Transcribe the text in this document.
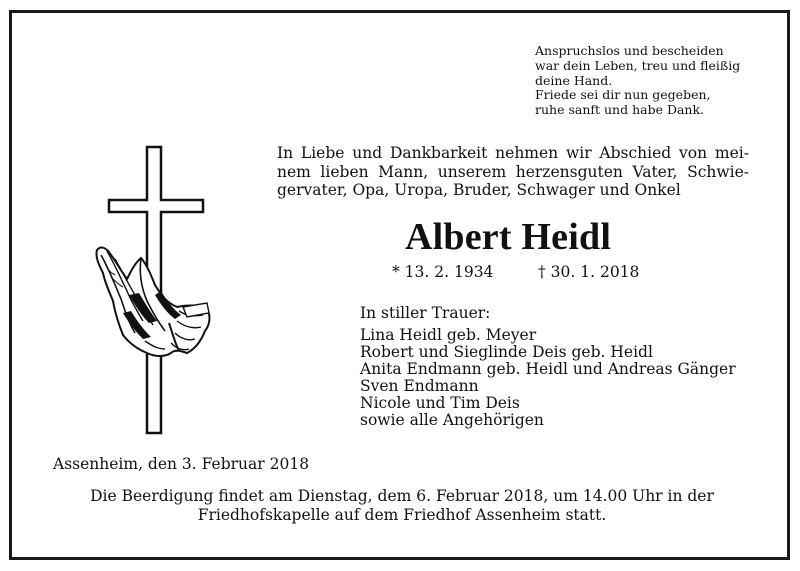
Anspruchslos und bescheiden
war dein Leben, treu und fleißig
deine Hand.
Friede sei dir nun gegeben,
ruhe sanft und habe Dank.
In Liebe und Dankbarkeit nehmen wir Abschied von mei-
nem lieben Mann, unserem herzensguten Vater, Schwie-
gervater, Opa, Uropa, Bruder, Schwager und Onkel
Albert Heidl
* 13. 2. 1934	† 30. 1. 2018
In stiller Trauer:
Lina Heidl geb. Meyer
Robert und Sieglinde Deis geb. Heidl
Anita Endmann geb. Heidl und Andreas Gänger
Sven Endmann
Nicole und Tim Deis
sowie alle Angehörigen
Assenheim, den 3. Februar 2018
Die Beerdigung findet am Dienstag, dem 6. Februar 2018, um 14.00 Uhr in der
Friedhofskapelle auf dem Friedhof Assenheim statt.
